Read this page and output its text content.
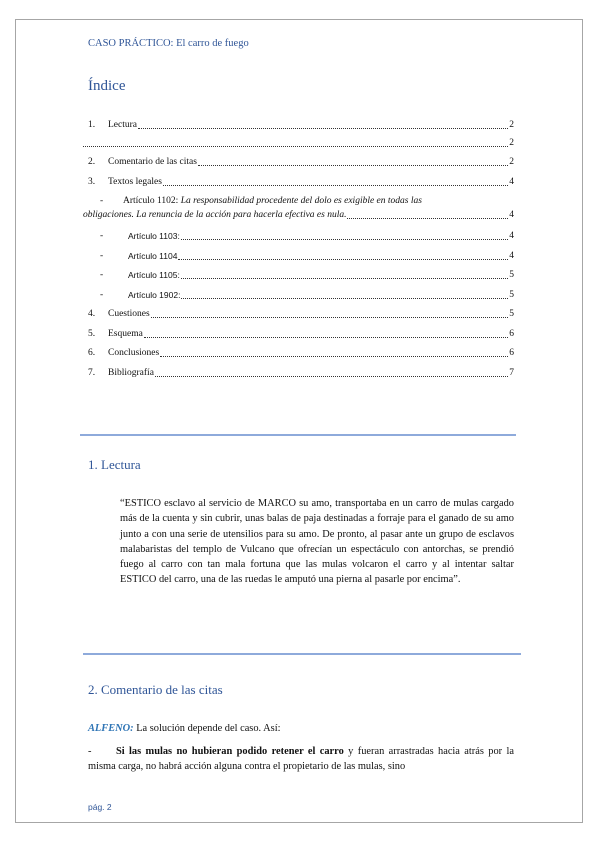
CASO PRÁCTICO: El carro de fuego
Índice
1.	Lectura	2
2
2.	Comentario de las citas	2
3.	Textos legales	4
- Artículo 1102: La responsabilidad procedente del dolo es exigible en todas las
obligaciones. La renuncia de la acción para hacerla efectiva es nula.	4
-	Artículo 1103:	4
-	Artículo 1104	4
-	Artículo 1105:	5
-	Artículo 1902:	5
4.	Cuestiones	5
5.	Esquema	6
6.	Conclusiones	6
7.	Bibliografía	7
1. Lectura
“ESTICO esclavo al servicio de MARCO su amo, transportaba en un carro de mulas cargado más de la cuenta y sin cubrir, unas balas de paja destinadas a forraje para el ganado de su amo junto a con una serie de utensilios para su amo. De pronto, al pasar ante un grupo de esclavos malabaristas del templo de Vulcano que ofrecían un espectáculo con antorchas, se prendió fuego al carro con tan mala fortuna que las mulas volcaron el carro y al intentar saltar ESTICO del carro, una de las ruedas le amputó una pierna al pasarle por encima”.
2. Comentario de las citas
ALFENO: La solución depende del caso. Así:
- Si las mulas no hubieran podido retener el carro y fueran arrastradas hacia atrás por la misma carga, no habrá acción alguna contra el propietario de las mulas, sino
pág. 2
